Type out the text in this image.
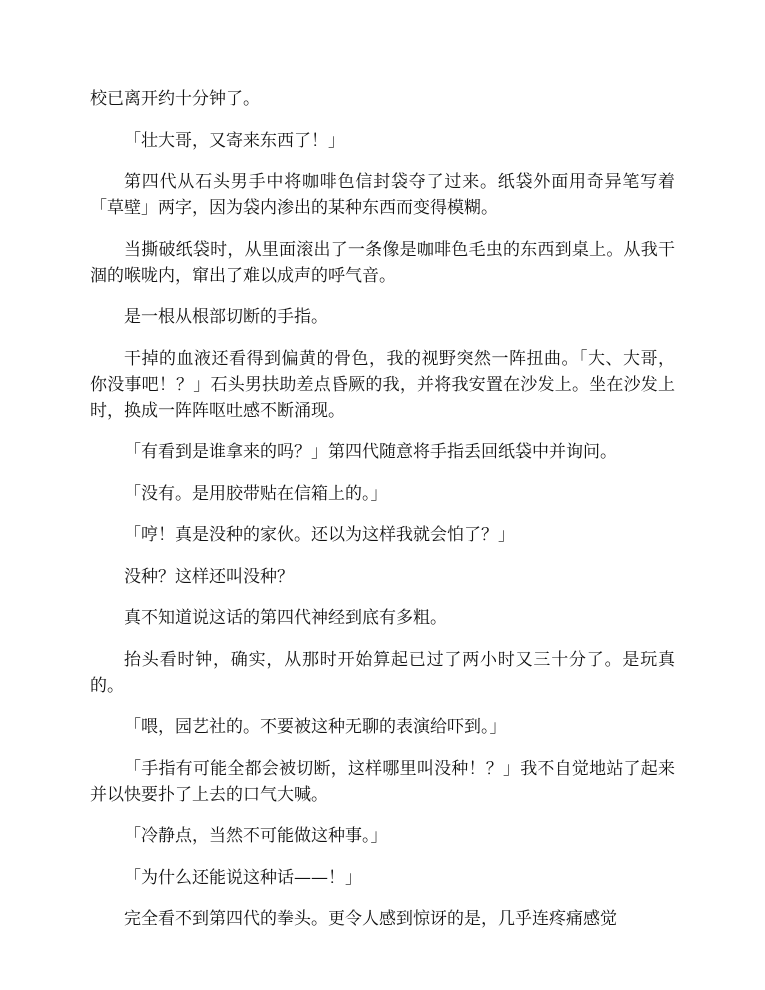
校已离开约十分钟了。

「壮大哥，又寄来东西了！」

第四代从石头男手中将咖啡色信封袋夺了过来。纸袋外面用奇异笔写着「草壁」两字，因为袋内渗出的某种东西而变得模糊。

当撕破纸袋时，从里面滚出了一条像是咖啡色毛虫的东西到桌上。从我干涸的喉咙内，窜出了难以成声的呼气音。

是一根从根部切断的手指。

干掉的血液还看得到偏黄的骨色，我的视野突然一阵扭曲。「大、大哥，你没事吧！？」石头男扶助差点昏厥的我，并将我安置在沙发上。坐在沙发上时，换成一阵阵呕吐感不断涌现。

「有看到是谁拿来的吗？」第四代随意将手指丢回纸袋中并询问。

「没有。是用胶带贴在信箱上的。」

「哼！真是没种的家伙。还以为这样我就会怕了？」

没种？这样还叫没种？

真不知道说这话的第四代神经到底有多粗。

抬头看时钟，确实，从那时开始算起已过了两小时又三十分了。是玩真的。

「喂，园艺社的。不要被这种无聊的表演给吓到。」

「手指有可能全都会被切断，这样哪里叫没种！？」我不自觉地站了起来并以快要扑了上去的口气大喊。

「冷静点，当然不可能做这种事。」

「为什么还能说这种话——！」

完全看不到第四代的拳头。更令人感到惊讶的是，几乎连疼痛感觉
